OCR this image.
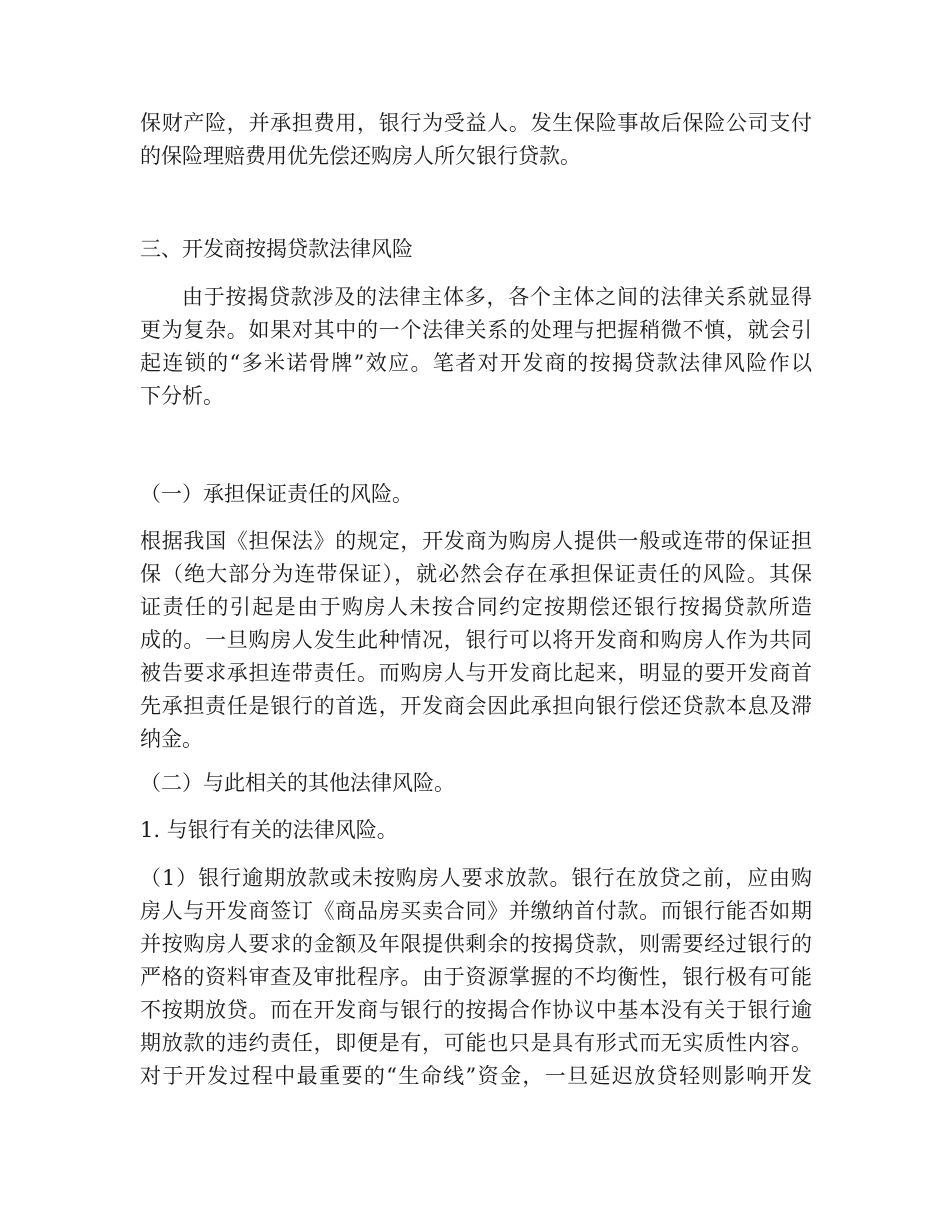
保财产险，并承担费用，银行为受益人。发生保险事故后保险公司支付

的保险理赔费用优先偿还购房人所欠银行贷款。

三、开发商按揭贷款法律风险

由于按揭贷款涉及的法律主体多，各个主体之间的法律关系就显得

更为复杂。如果对其中的一个法律关系的处理与把握稍微不慎，就会引

起连锁的“多米诺骨牌”效应。笔者对开发商的按揭贷款法律风险作以

下分析。

（一）承担保证责任的风险。

根据我国《担保法》的规定，开发商为购房人提供一般或连带的保证担

保（绝大部分为连带保证），就必然会存在承担保证责任的风险。其保

证责任的引起是由于购房人未按合同约定按期偿还银行按揭贷款所造

成的。一旦购房人发生此种情况，银行可以将开发商和购房人作为共同

被告要求承担连带责任。而购房人与开发商比起来，明显的要开发商首

先承担责任是银行的首选，开发商会因此承担向银行偿还贷款本息及滞

纳金。

（二）与此相关的其他法律风险。

1. 与银行有关的法律风险。

（1）银行逾期放款或未按购房人要求放款。银行在放贷之前，应由购

房人与开发商签订《商品房买卖合同》并缴纳首付款。而银行能否如期

并按购房人要求的金额及年限提供剩余的按揭贷款，则需要经过银行的

严格的资料审查及审批程序。由于资源掌握的不均衡性，银行极有可能

不按期放贷。而在开发商与银行的按揭合作协议中基本没有关于银行逾

期放款的违约责任，即便是有，可能也只是具有形式而无实质性内容。

对于开发过程中最重要的“生命线”资金，一旦延迟放贷轻则影响开发
